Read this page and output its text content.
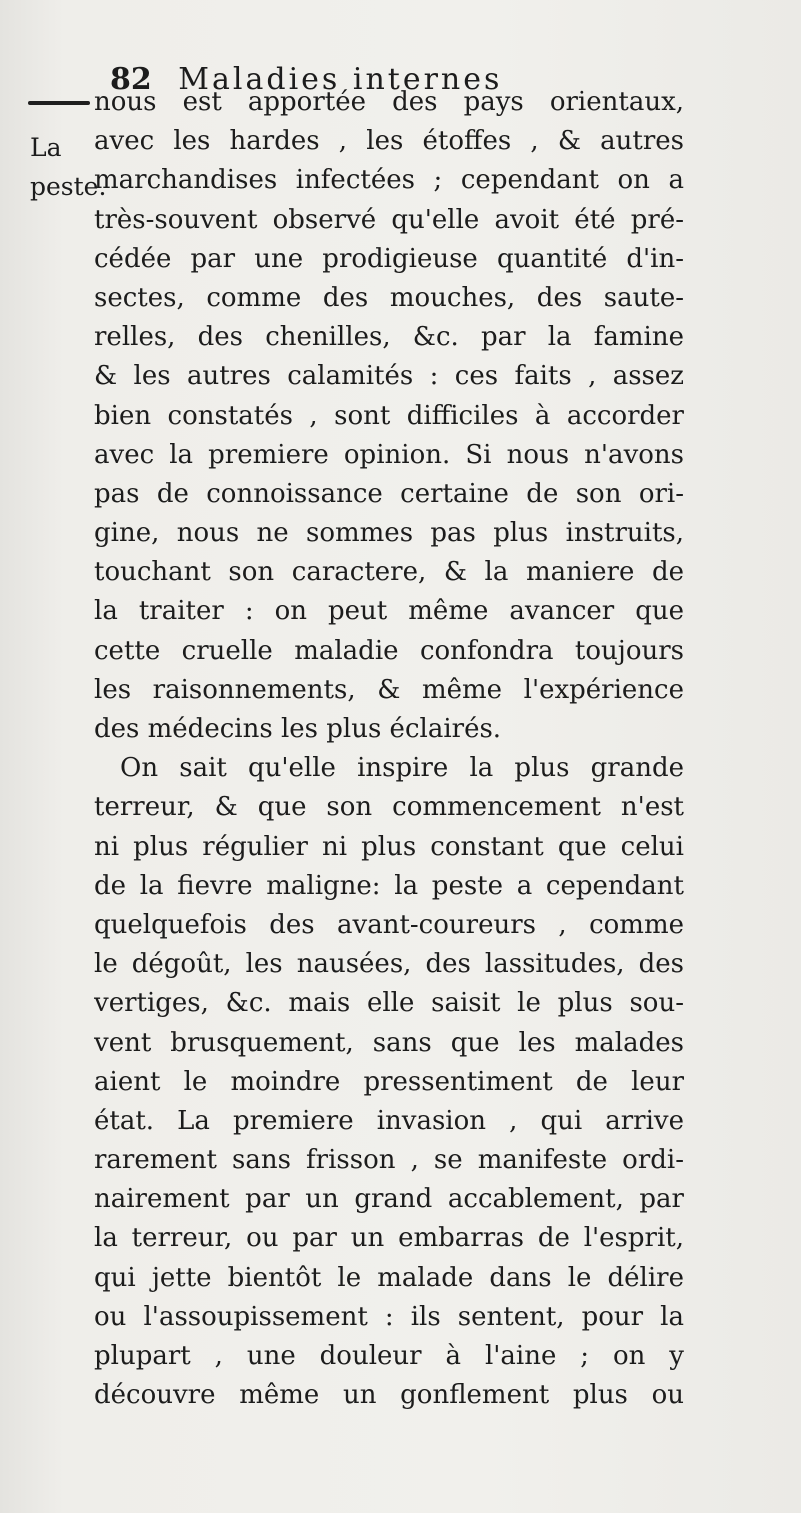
82 Maladies internes
La
peste.
nous est apportée des pays orientaux,
avec les hardes , les étoffes , & autres
marchandises infectées ; cependant on a
très-souvent observé qu'elle avoit été pré-
cédée par une prodigieuse quantité d'in-
sectes, comme des mouches, des saute-
relles, des chenilles, &c. par la famine
& les autres calamités : ces faits , assez
bien constatés , sont difficiles à accorder
avec la premiere opinion. Si nous n'avons
pas de connoissance certaine de son ori-
gine, nous ne sommes pas plus instruits,
touchant son caractere, & la maniere de
la traiter : on peut même avancer que
cette cruelle maladie confondra toujours
les raisonnements, & même l'expérience
des médecins les plus éclairés.
On sait qu'elle inspire la plus grande
terreur, & que son commencement n'est
ni plus régulier ni plus constant que celui
de la fievre maligne: la peste a cependant
quelquefois des avant-coureurs , comme
le dégoût, les nausées, des lassitudes, des
vertiges, &c. mais elle saisit le plus sou-
vent brusquement, sans que les malades
aient le moindre pressentiment de leur
état. La premiere invasion , qui arrive
rarement sans frisson , se manifeste ordi-
nairement par un grand accablement, par
la terreur, ou par un embarras de l'esprit,
qui jette bientôt le malade dans le délire
ou l'assoupissement : ils sentent, pour la
plupart , une douleur à l'aine ; on y
découvre même un gonflement plus ou
